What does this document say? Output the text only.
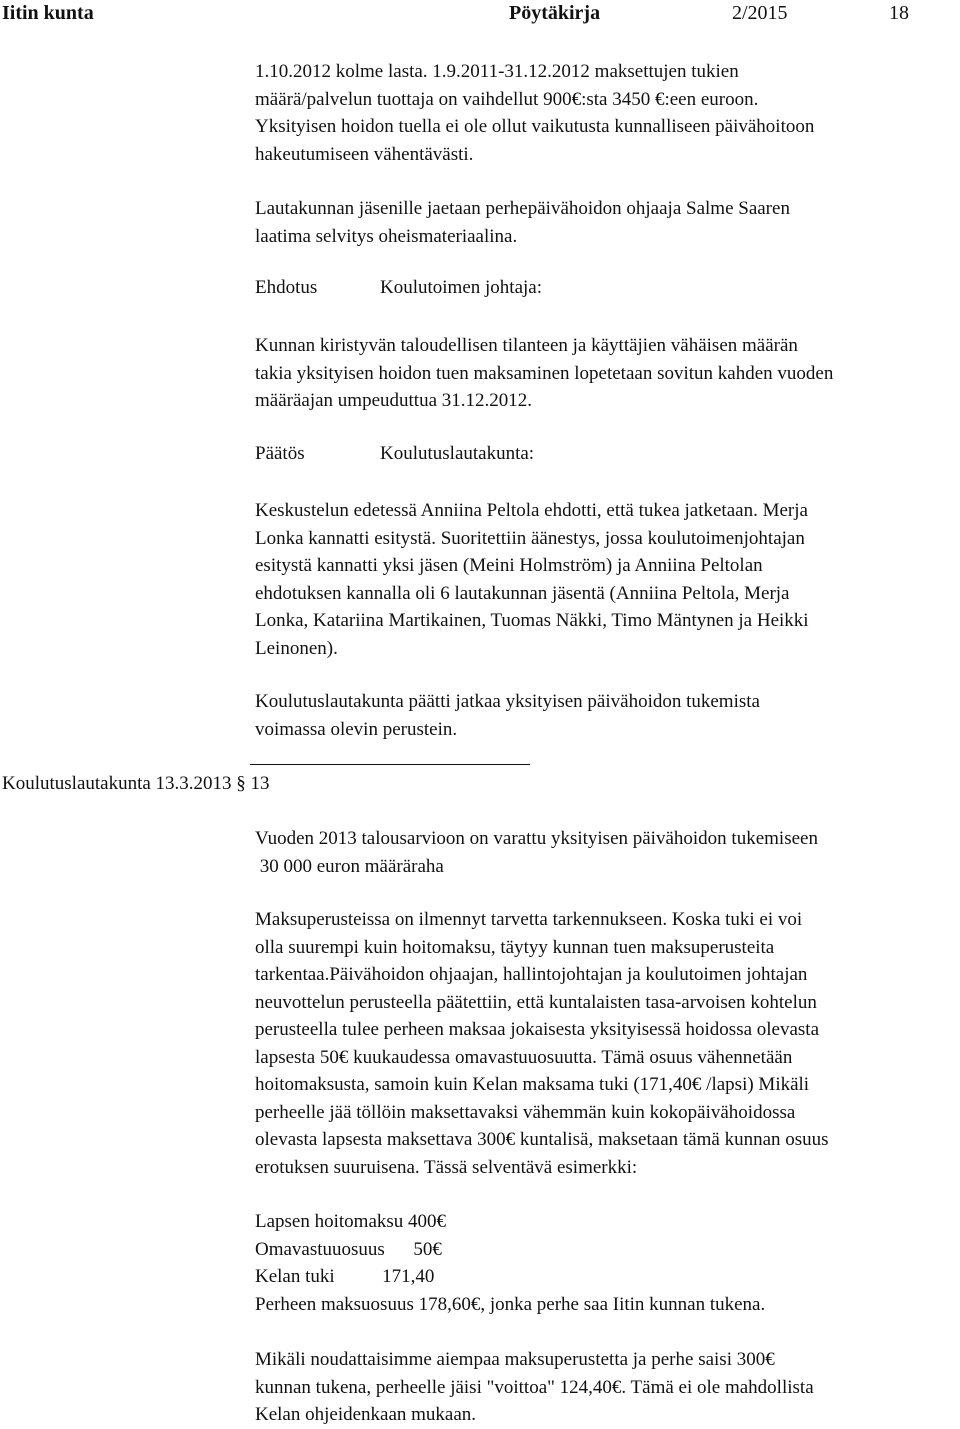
Iitin kunta	Pöytäkirja	2/2015	18
1.10.2012 kolme lasta. 1.9.2011-31.12.2012 maksettujen tukien
määrä/palvelun tuottaja on vaihdellut 900€:sta 3450 €:een euroon.
Yksityisen hoidon tuella ei ole ollut vaikutusta kunnalliseen päivähoitoon
hakeutumiseen vähentävästi.
Lautakunnan jäsenille jaetaan perhepäivähoidon ohjaaja Salme Saaren
laatima selvitys oheismateriaalina.
Ehdotus	Koulutoimen johtaja:
Kunnan kiristyvän taloudellisen tilanteen ja käyttäjien vähäisen määrän
takia yksityisen hoidon tuen maksaminen lopetetaan sovitun kahden vuoden
määräajan umpeuduttua 31.12.2012.
Päätös	Koulutuslautakunta:
Keskustelun edetessä Anniina Peltola ehdotti, että tukea jatketaan. Merja
Lonka kannatti esitystä. Suoritettiin äänestys, jossa koulutoimenjohtajan
esitystä kannatti yksi jäsen (Meini Holmström) ja Anniina Peltolan
ehdotuksen kannalla oli 6 lautakunnan jäsentä (Anniina Peltola, Merja
Lonka, Katariina Martikainen, Tuomas Näkki, Timo Mäntynen ja Heikki
Leinonen).
Koulutuslautakunta päätti jatkaa yksityisen päivähoidon tukemista
voimassa olevin perustein.
Koulutuslautakunta 13.3.2013 § 13
Vuoden 2013 talousarvioon on varattu yksityisen päivähoidon tukemiseen
30 000 euron määräraha
Maksuperusteissa on ilmennyt tarvetta tarkennukseen. Koska tuki ei voi
olla suurempi kuin hoitomaksu, täytyy kunnan tuen maksuperusteita
tarkentaa.Päivähoidon ohjaajan, hallintojohtajan ja koulutoimen johtajan
neuvottelun perusteella päätettiin, että kuntalaisten tasa-arvoisen kohtelun
perusteella tulee perheen maksaa jokaisesta yksityisessä hoidossa olevasta
lapsesta 50€ kuukaudessa omavastuuosuutta. Tämä osuus vähennetään
hoitomaksusta, samoin kuin Kelan maksama tuki (171,40€ /lapsi) Mikäli
perheelle jää töllöin maksettavaksi vähemmän kuin kokopäivähoidossa
olevasta lapsesta maksettava 300€ kuntalisä, maksetaan tämä kunnan osuus
erotuksen suuruisena. Tässä selventävä esimerkki:
Lapsen hoitomaksu 400€
Omavastuuosuus      50€
Kelan tuki          171,40
Perheen maksuosuus 178,60€, jonka perhe saa Iitin kunnan tukena.
Mikäli noudattaisimme aiempaa maksuperustetta ja perhe saisi 300€
kunnan tukena, perheelle jäisi "voittoa" 124,40€. Tämä ei ole mahdollista
Kelan ohjeidenkaan mukaan.
